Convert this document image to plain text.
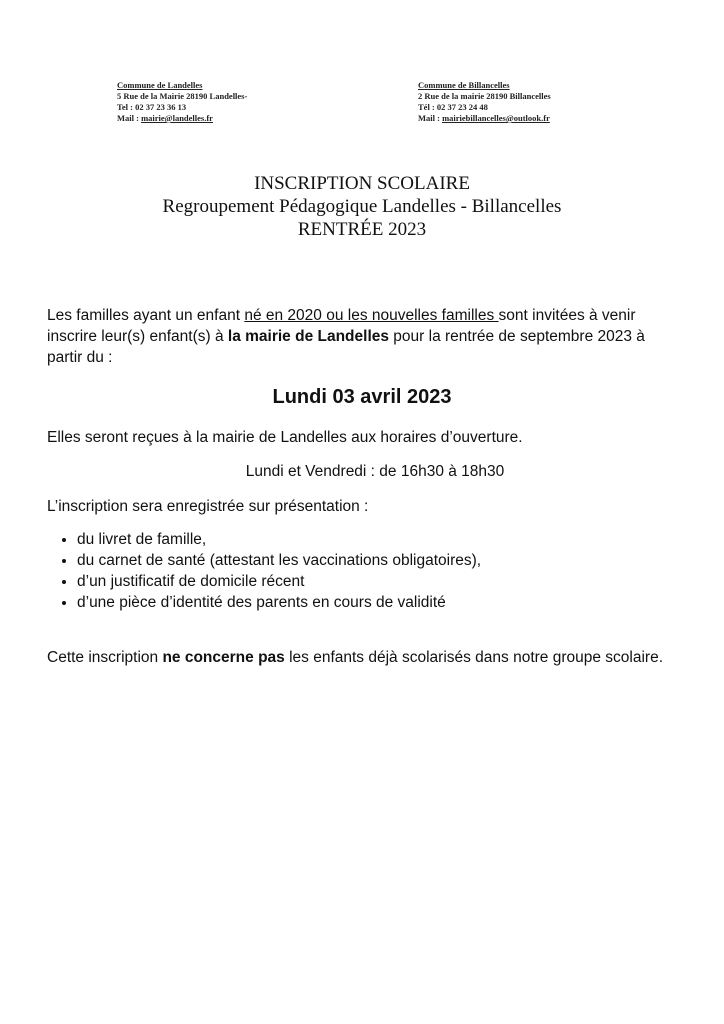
Commune de Landelles
5 Rue de la Mairie 28190 Landelles-
Tel : 02 37 23 36 13
Mail : mairie@landelles.fr
Commune de Billancelles
2 Rue de la mairie 28190 Billancelles
Tél : 02 37 23 24 48
Mail : mairiebillancelles@outlook.fr
INSCRIPTION SCOLAIRE
Regroupement Pédagogique Landelles - Billancelles
RENTRÉE 2023
Les familles ayant un enfant né en 2020 ou les nouvelles familles sont invitées à venir inscrire leur(s) enfant(s) à la mairie de Landelles pour la rentrée de septembre 2023 à partir du :
Lundi 03 avril 2023
Elles seront reçues à la mairie de Landelles aux horaires d’ouverture.
Lundi et Vendredi : de 16h30 à 18h30
L’inscription sera enregistrée sur présentation :
• du livret de famille,
• du carnet de santé (attestant les vaccinations obligatoires),
• d’un justificatif de domicile récent
• d’une pièce d’identité des parents en cours de validité
Cette inscription ne concerne pas les enfants déjà scolarisés dans notre groupe scolaire.
